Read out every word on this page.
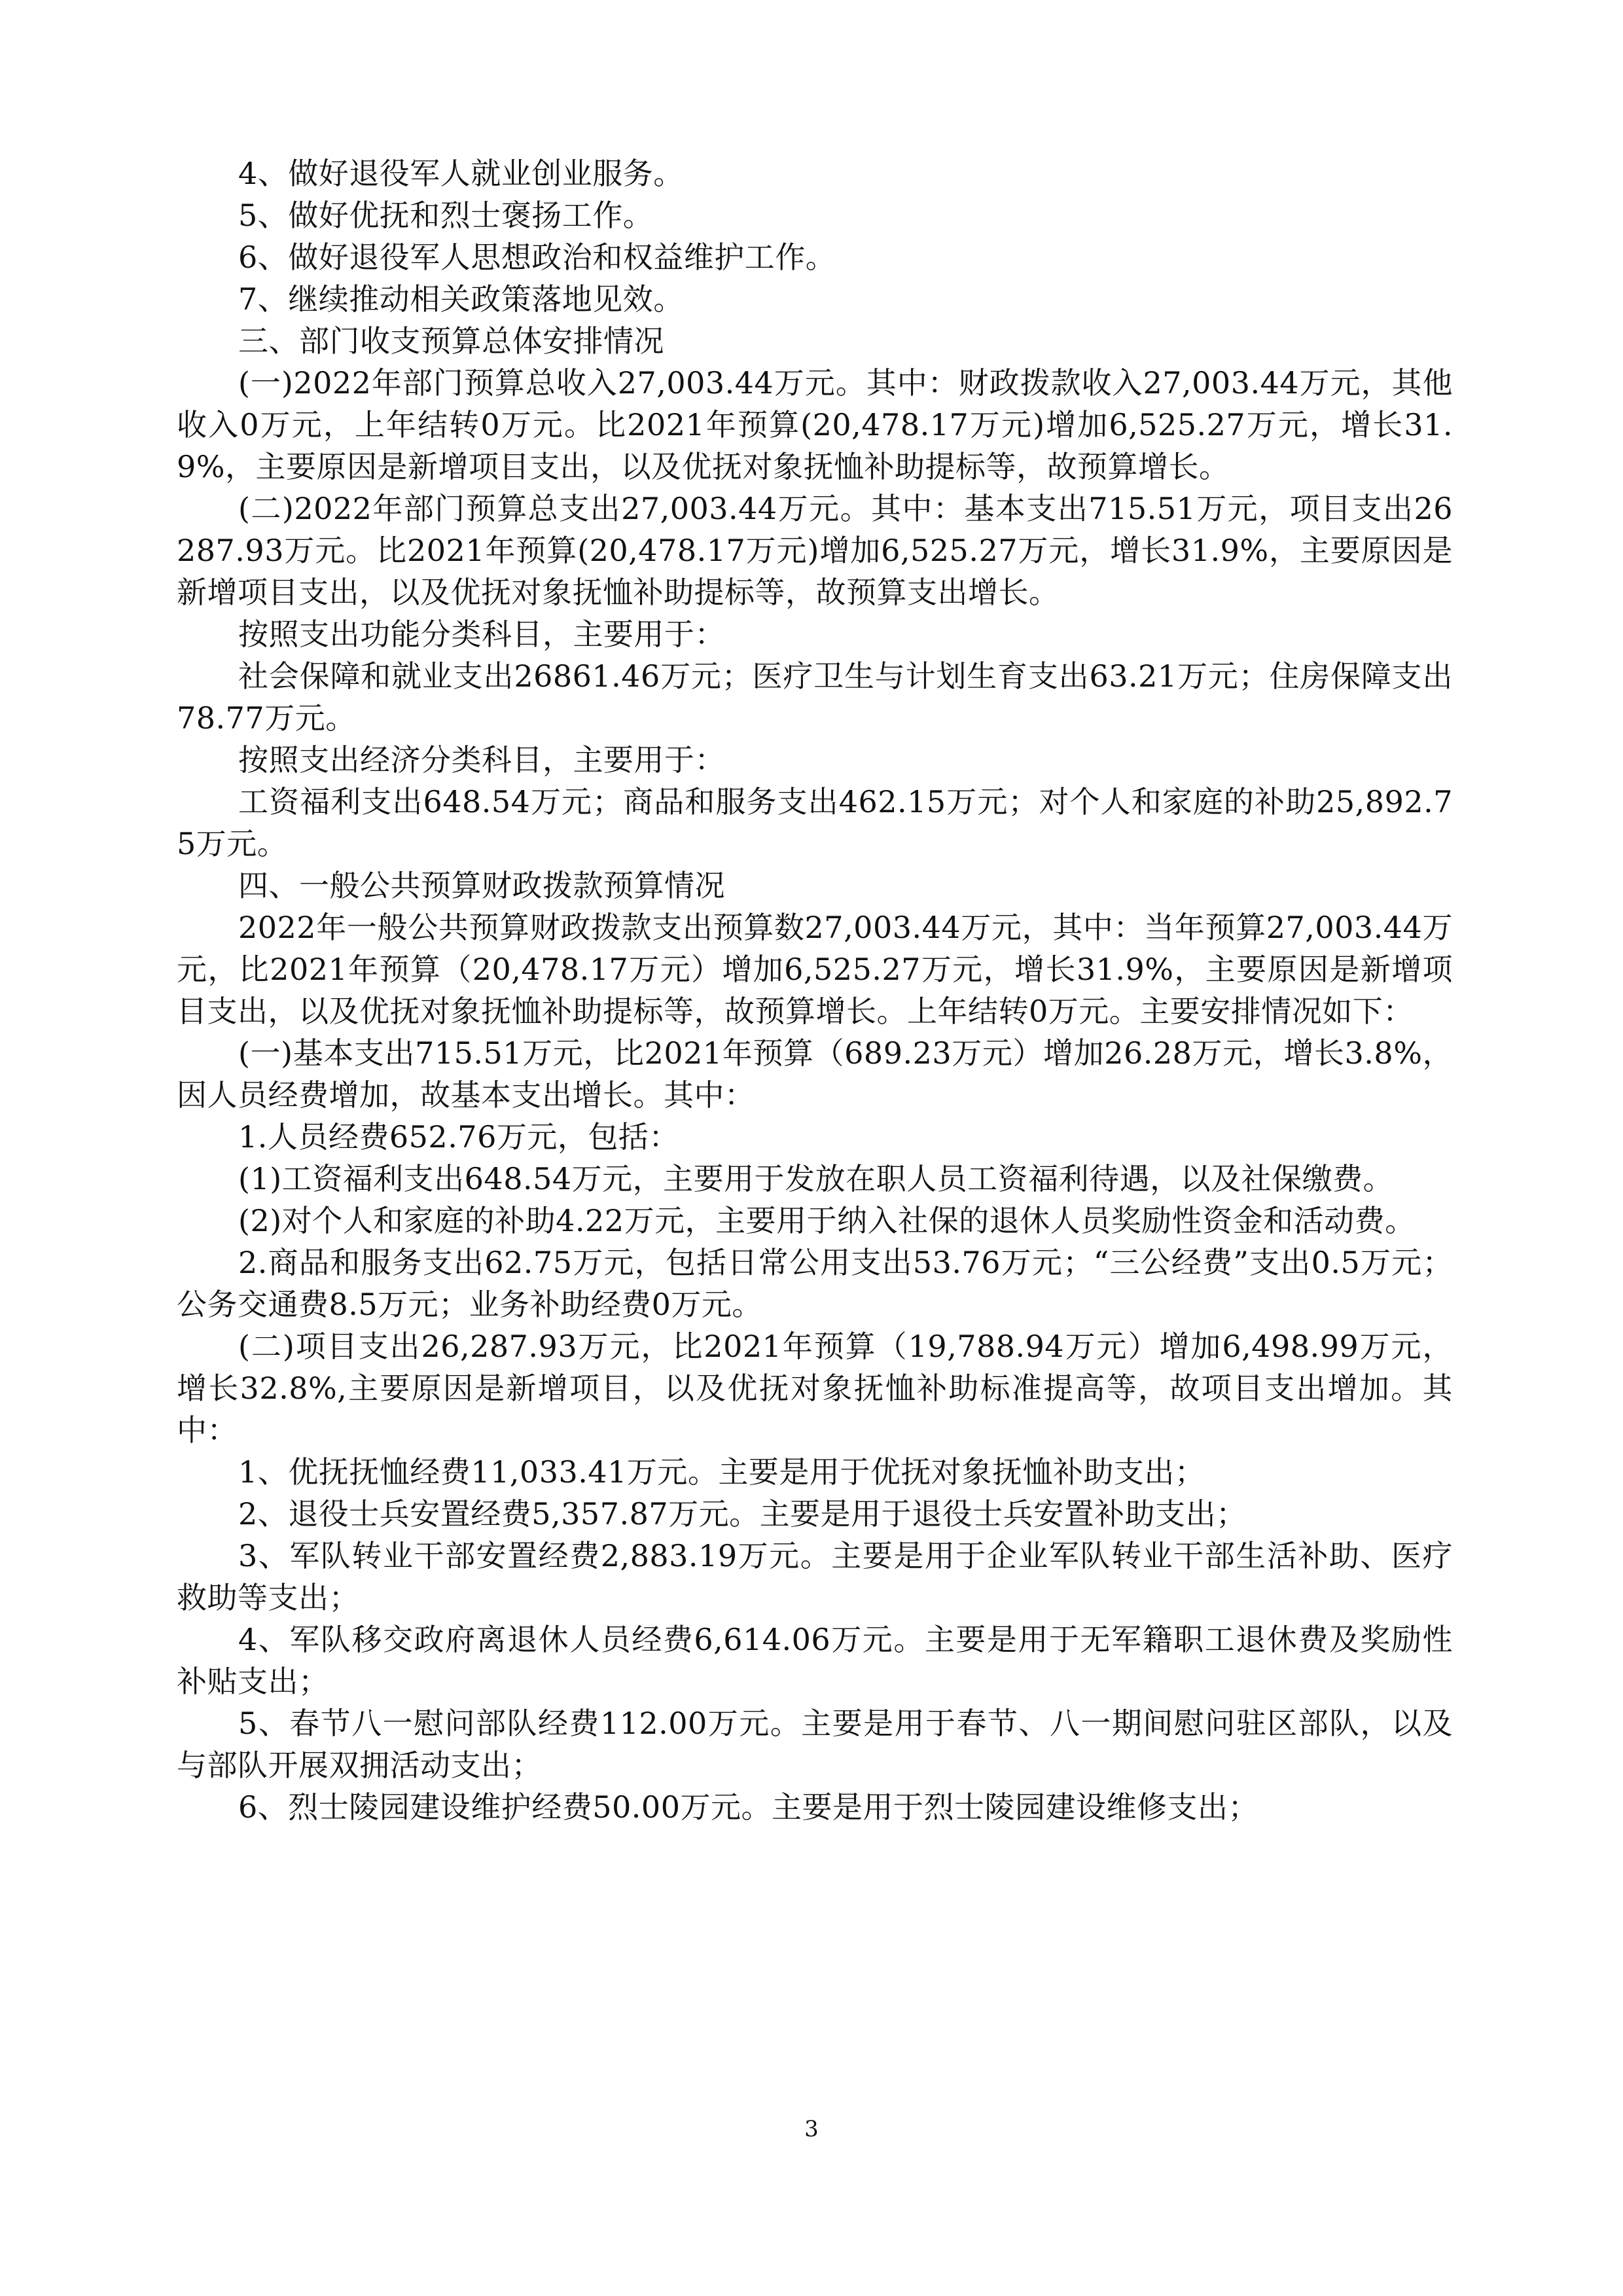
4、做好退役军人就业创业服务。

5、做好优抚和烈士褒扬工作。

6、做好退役军人思想政治和权益维护工作。

7、继续推动相关政策落地见效。

三、部门收支预算总体安排情况

(一)2022年部门预算总收入27,003.44万元。其中：财政拨款收入27,003.44万元，其他收入0万元，上年结转0万元。比2021年预算(20,478.17万元)增加6,525.27万元，增长31.9%，主要原因是新增项目支出，以及优抚对象抚恤补助提标等，故预算增长。

(二)2022年部门预算总支出27,003.44万元。其中：基本支出715.51万元，项目支出26287.93万元。比2021年预算(20,478.17万元)增加6,525.27万元，增长31.9%，主要原因是新增项目支出，以及优抚对象抚恤补助提标等，故预算支出增长。

按照支出功能分类科目，主要用于：

社会保障和就业支出26861.46万元；医疗卫生与计划生育支出63.21万元；住房保障支出78.77万元。

按照支出经济分类科目，主要用于：

工资福利支出648.54万元；商品和服务支出462.15万元；对个人和家庭的补助25,892.75万元。

四、一般公共预算财政拨款预算情况

2022年一般公共预算财政拨款支出预算数27,003.44万元，其中：当年预算27,003.44万元，比2021年预算（20,478.17万元）增加6,525.27万元，增长31.9%，主要原因是新增项目支出，以及优抚对象抚恤补助提标等，故预算增长。上年结转0万元。主要安排情况如下：

(一)基本支出715.51万元，比2021年预算（689.23万元）增加26.28万元，增长3.8%，因人员经费增加，故基本支出增长。其中：

1.人员经费652.76万元，包括：

(1)工资福利支出648.54万元，主要用于发放在职人员工资福利待遇，以及社保缴费。

(2)对个人和家庭的补助4.22万元，主要用于纳入社保的退休人员奖励性资金和活动费。

2.商品和服务支出62.75万元，包括日常公用支出53.76万元；“三公经费”支出0.5万元；公务交通费8.5万元；业务补助经费0万元。

(二)项目支出26,287.93万元，比2021年预算（19,788.94万元）增加6,498.99万元，增长32.8%,主要原因是新增项目，以及优抚对象抚恤补助标准提高等，故项目支出增加。其中：

1、优抚抚恤经费11,033.41万元。主要是用于优抚对象抚恤补助支出；

2、退役士兵安置经费5,357.87万元。主要是用于退役士兵安置补助支出；

3、军队转业干部安置经费2,883.19万元。主要是用于企业军队转业干部生活补助、医疗救助等支出；

4、军队移交政府离退休人员经费6,614.06万元。主要是用于无军籍职工退休费及奖励性补贴支出；

5、春节八一慰问部队经费112.00万元。主要是用于春节、八一期间慰问驻区部队，以及与部队开展双拥活动支出；

6、烈士陵园建设维护经费50.00万元。主要是用于烈士陵园建设维修支出；

3
